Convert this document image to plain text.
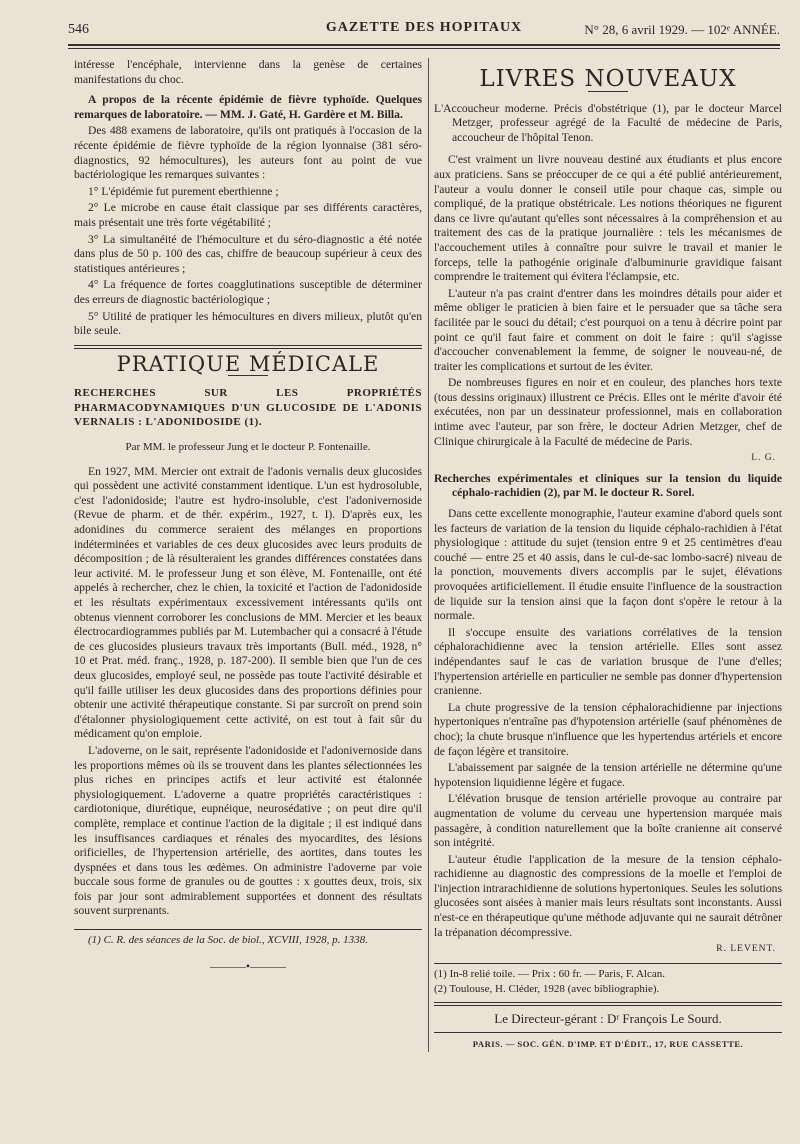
546	GAZETTE DES HOPITAUX	N° 28, 6 avril 1929. — 102ᵉ ANNÉE.

intéresse l'encéphale, intervienne dans la genèse de certaines manifestations du choc.

A propos de la récente épidémie de fièvre typhoïde. Quelques remarques de laboratoire. — MM. J. Gaté, H. Gardère et M. Billa.

Des 488 examens de laboratoire, qu'ils ont pratiqués à l'occasion de la récente épidémie de fièvre typhoïde de la région lyonnaise (381 séro-diagnostics, 92 hémocultures), les auteurs font au point de vue bactériologique les remarques suivantes :

1° L'épidémie fut purement eberthienne ;

2° Le microbe en cause était classique par ses différents caractères, mais présentait une très forte végétabilité ;

3° La simultanéité de l'hémoculture et du séro-diagnostic a été notée dans plus de 50 p. 100 des cas, chiffre de beaucoup supérieur à ceux des statistiques antérieures ;

4° La fréquence de fortes coagglutinations susceptible de déterminer des erreurs de diagnostic bactériologique ;

5° Utilité de pratiquer les hémocultures en divers milieux, plutôt qu'en bile seule.

PRATIQUE MÉDICALE

RECHERCHES SUR LES PROPRIÉTÉS PHARMACODYNAMIQUES D'UN GLUCOSIDE DE L'ADONIS VERNALIS : L'ADONIDOSIDE (1).

Par MM. le professeur Jung et le docteur P. Fontenaille.

En 1927, MM. Mercier ont extrait de l'adonis vernalis deux glucosides qui possèdent une activité constamment identique. L'un est hydrosoluble, c'est l'adonidoside; l'autre est hydro-insoluble, c'est l'adonivernoside (Revue de pharm. et de thér. expérim., 1927, t. I). D'après eux, les adonidines du commerce seraient des mélanges en proportions indéterminées et variables de ces deux glucosides avec leurs produits de décomposition ; de là résulteraient les grandes différences constatées dans leur activité. M. le professeur Jung et son élève, M. Fontenaille, ont été appelés à rechercher, chez le chien, la toxicité et l'action de l'adonidoside et les résultats expérimentaux excessivement intéressants qu'ils ont obtenus viennent corroborer les conclusions de MM. Mercier et les beaux électrocardiogrammes publiés par M. Lutembacher qui a consacré à l'étude de ces glucosides plusieurs travaux très importants (Bull. méd., 1928, n° 10 et Prat. méd. franç., 1928, p. 187-200). Il semble bien que l'un de ces deux glucosides, employé seul, ne possède pas toute l'activité désirable et qu'il faille utiliser les deux glucosides dans des proportions définies pour obtenir une activité thérapeutique constante. Si par surcroît on prend soin d'étalonner physiologiquement cette activité, on est tout à fait sûr du médicament qu'on emploie.

L'adoverne, on le sait, représente l'adonidoside et l'adonivernoside dans les proportions mêmes où ils se trouvent dans les plantes sélectionnées les plus riches en principes actifs et leur activité est étalonnée physiologiquement. L'adoverne a quatre propriétés caractéristiques : cardiotonique, diurétique, eupnéique, neurosédative ; on peut dire qu'il complète, remplace et continue l'action de la digitale ; il est indiqué dans les insuffisances cardiaques et rénales des myocardites, des lésions orificielles, de l'hypertension artérielle, des aortites, dans toutes les dyspnées et dans tous les œdèmes. On administre l'adoverne par voie buccale sous forme de granules ou de gouttes : x gouttes deux, trois, six fois par jour sont admirablement supportées et donnent des résultats souvent surprenants.

(1) C. R. des séances de la Soc. de biol., XCVIII, 1928, p. 1338.

———•———
LIVRES NOUVEAUX

L'Accoucheur moderne. Précis d'obstétrique (1), par le docteur Marcel Metzger, professeur agrégé de la Faculté de médecine de Paris, accoucheur de l'hôpital Tenon.

C'est vraiment un livre nouveau destiné aux étudiants et plus encore aux praticiens. Sans se préoccuper de ce qui a été publié antérieurement, l'auteur a voulu donner le conseil utile pour chaque cas, simple ou compliqué, de la pratique obstétricale. Les notions théoriques ne figurent dans ce livre qu'autant qu'elles sont nécessaires à la compréhension et au traitement des cas de la pratique journalière : tels les mécanismes de l'accouchement utiles à connaître pour suivre le travail et manier le forceps, telle la pathogénie originale d'albuminurie gravidique faisant comprendre le traitement qui évitera l'éclampsie, etc.

L'auteur n'a pas craint d'entrer dans les moindres détails pour aider et même obliger le praticien à bien faire et le persuader que sa tâche sera facilitée par le souci du détail; c'est pourquoi on a tenu à décrire point par point ce qu'il faut faire et comment on doit le faire : qu'il s'agisse d'accoucher convenablement la femme, de soigner le nouveau-né, de traiter les complications et surtout de les éviter.

De nombreuses figures en noir et en couleur, des planches hors texte (tous dessins originaux) illustrent ce Précis. Elles ont le mérite d'avoir été exécutées, non par un dessinateur professionnel, mais en collaboration intime avec l'auteur, par son frère, le docteur Adrien Metzger, chef de Clinique chirurgicale à la Faculté de médecine de Paris.

L. G.

Recherches expérimentales et cliniques sur la tension du liquide céphalo-rachidien (2), par M. le docteur R. Sorel.

Dans cette excellente monographie, l'auteur examine d'abord quels sont les facteurs de variation de la tension du liquide céphalo-rachidien à l'état physiologique : attitude du sujet (tension entre 9 et 25 centimètres d'eau couché — entre 25 et 40 assis, dans le cul-de-sac lombo-sacré) niveau de la ponction, mouvements divers accomplis par le sujet, élévations provoquées artificiellement. Il étudie ensuite l'influence de la soustraction de liquide sur la tension ainsi que la façon dont s'opère le retour à la normale.

Il s'occupe ensuite des variations corrélatives de la tension céphalorachidienne avec la tension artérielle. Elles sont assez indépendantes sauf le cas de variation brusque de l'une d'elles; l'hypertension artérielle en particulier ne semble pas donner d'hypertension cranienne.

La chute progressive de la tension céphalorachidienne par injections hypertoniques n'entraîne pas d'hypotension artérielle (sauf phénomènes de choc); la chute brusque n'influence que les hypertendus artériels et encore de façon légère et transitoire.

L'abaissement par saignée de la tension artérielle ne détermine qu'une hypotension liquidienne légère et fugace.

L'élévation brusque de tension artérielle provoque au contraire par augmentation de volume du cerveau une hypertension marquée mais passagère, à condition naturellement que la boîte cranienne ait conservé son intégrité.

L'auteur étudie l'application de la mesure de la tension céphalo-rachidienne au diagnostic des compressions de la moelle et l'emploi de l'injection intrarachidienne de solutions hypertoniques. Seules les solutions glucosées sont aisées à manier mais leurs résultats sont inconstants. Aussi n'est-ce en thérapeutique qu'une méthode adjuvante qui ne saurait détrôner la trépanation décompressive.

R. LEVENT.

(1) In-8 relié toile. — Prix : 60 fr. — Paris, F. Alcan.

(2) Toulouse, H. Cléder, 1928 (avec bibliographie).

Le Directeur-gérant : Dʳ François Le Sourd.

PARIS. — SOC. GÉN. D'IMP. ET D'ÉDIT., 17, RUE CASSETTE.
